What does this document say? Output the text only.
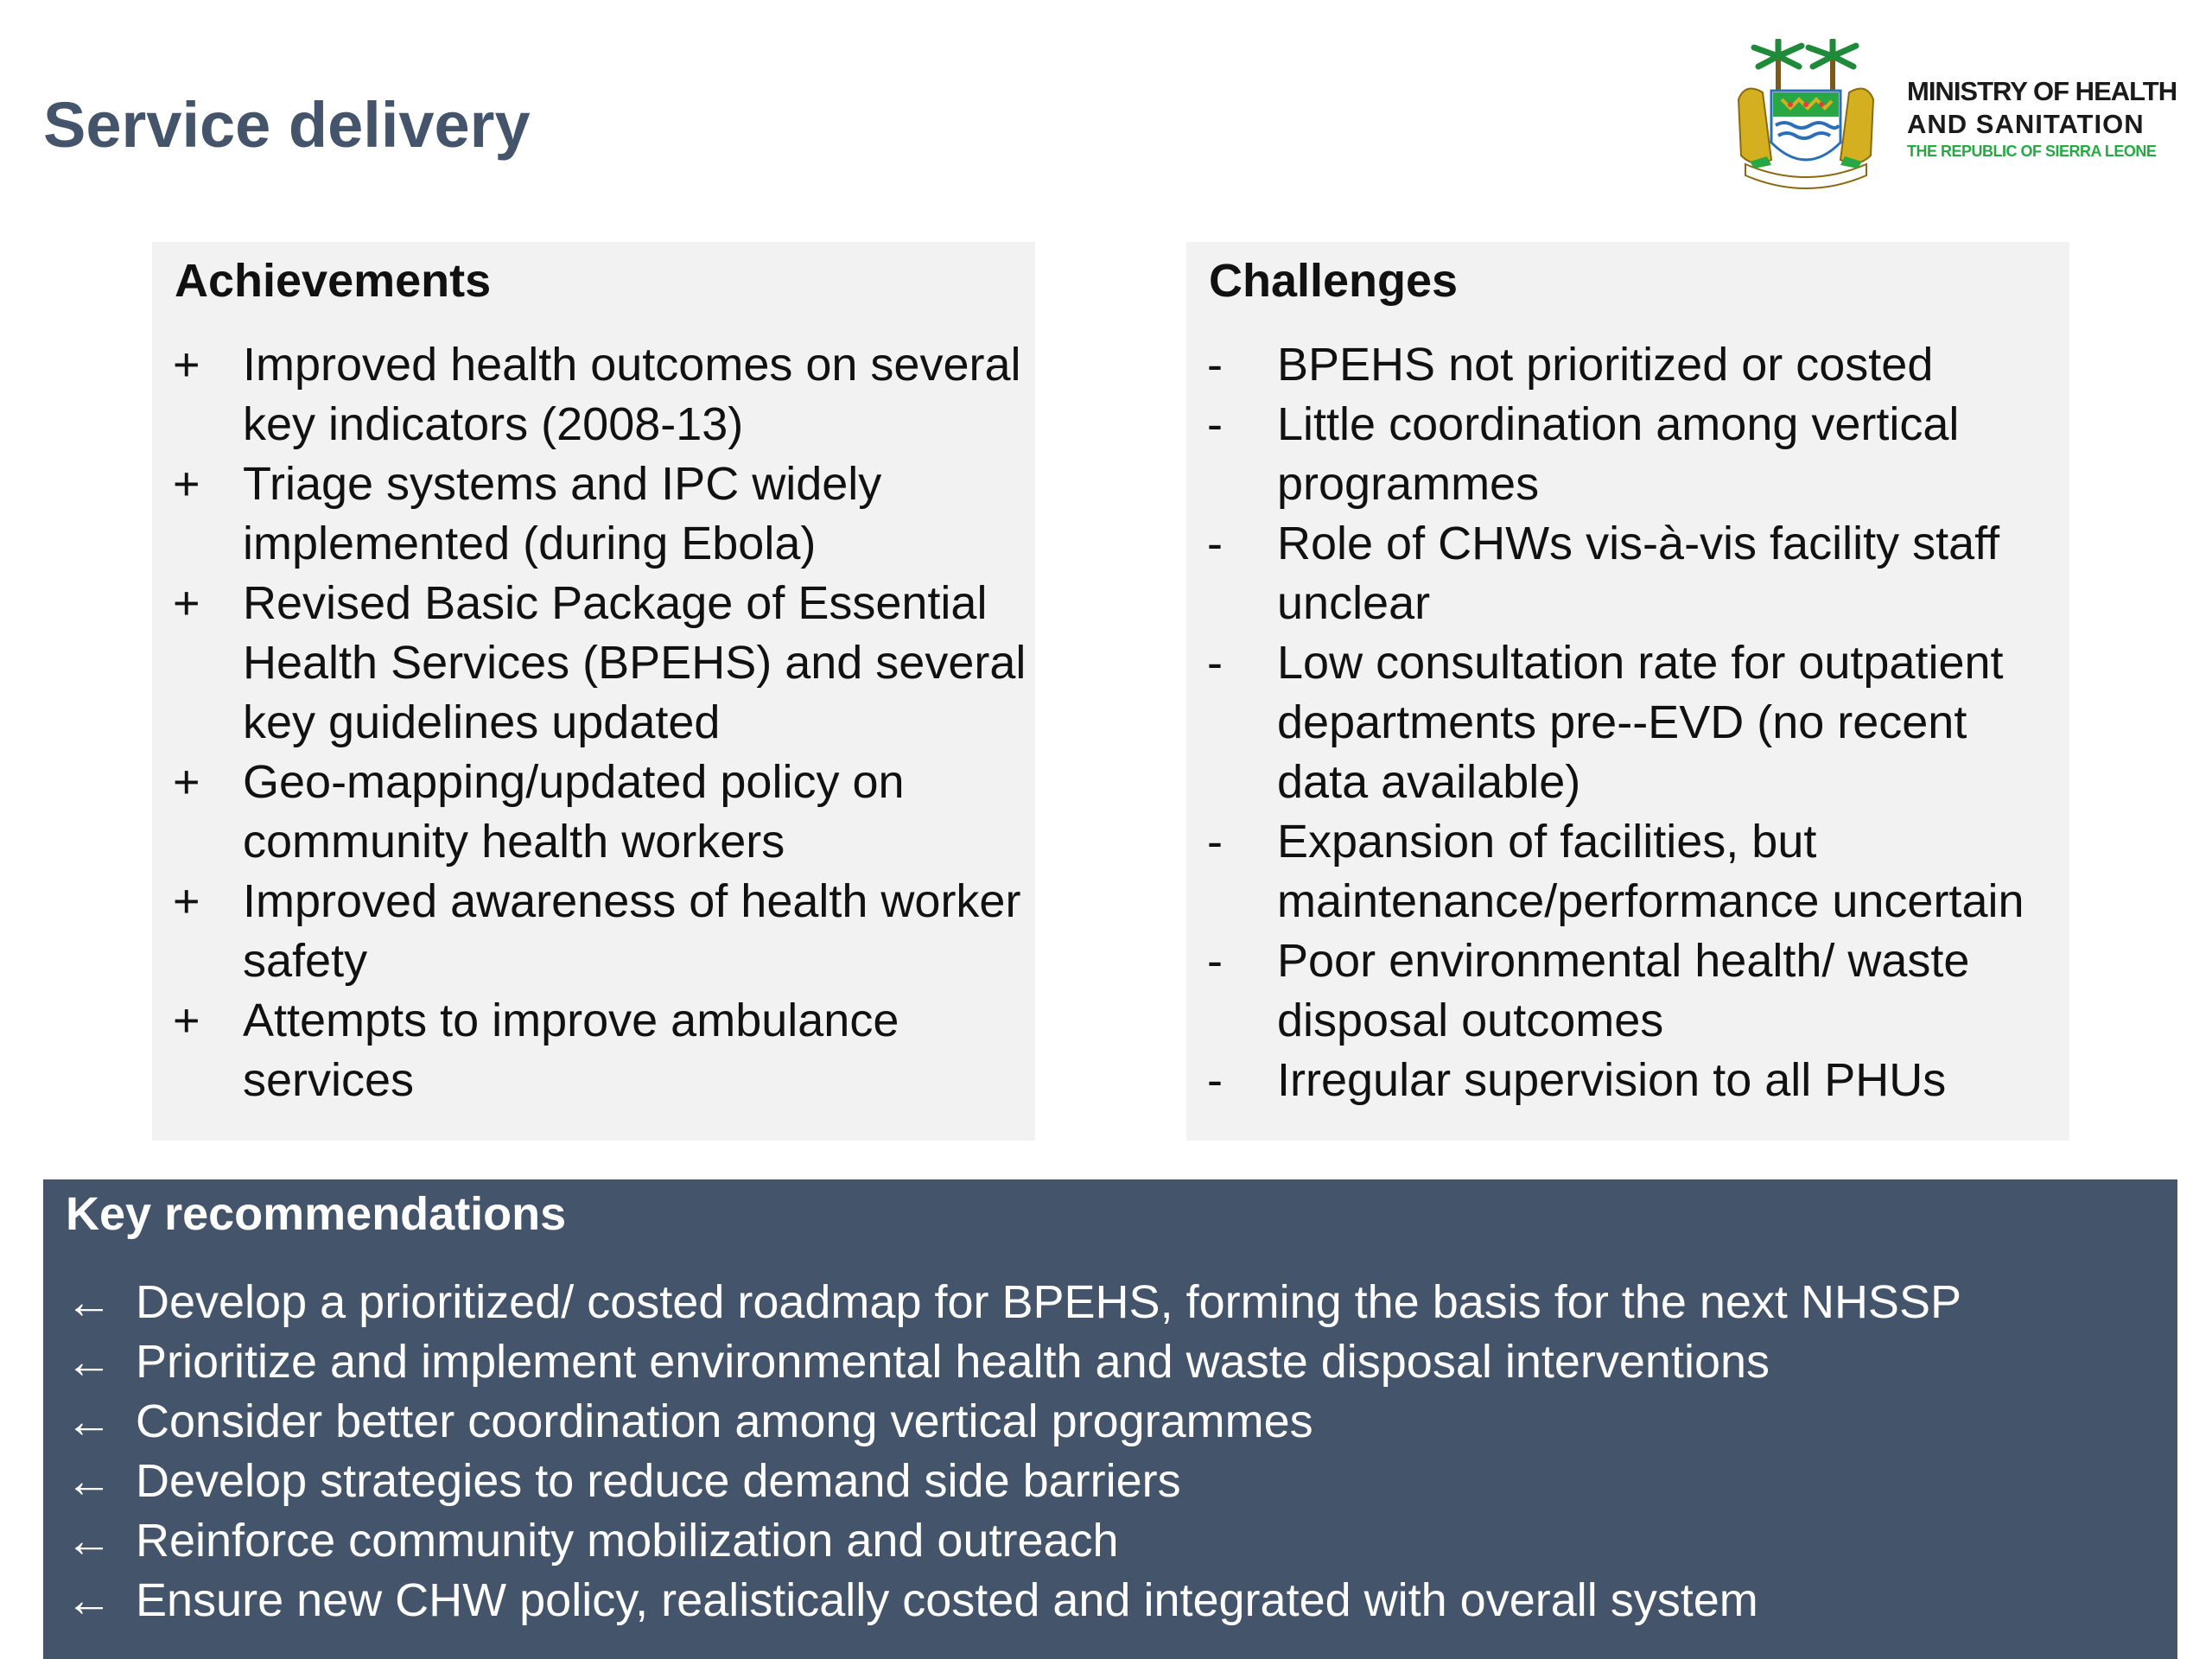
Service delivery	MINISTRY OF HEALTH
AND SANITATION
THE REPUBLIC OF SIERRA LEONE
Achievements
+ Improved health outcomes on several key indicators (2008-13)
+ Triage systems and IPC widely implemented (during Ebola)
+ Revised Basic Package of Essential Health Services (BPEHS) and several key guidelines updated
+ Geo-mapping/updated policy on community health workers
+ Improved awareness of health worker safety
+ Attempts to improve ambulance services
Challenges
-	BPEHS not prioritized or costed
-	Little coordination among vertical
programmes
-	Role of CHWs vis-à-vis facility staff
unclear
-	Low consultation rate for outpatient
departments pre--EVD (no recent
data available)
-	Expansion of facilities, but
maintenance/performance uncertain
-	Poor environmental health/ waste
disposal outcomes
-	Irregular supervision to all PHUs
Key recommendations
← Develop a prioritized/ costed roadmap for BPEHS, forming the basis for the next NHSSP
← Prioritize and implement environmental health and waste disposal interventions
← Consider better coordination among vertical programmes
← Develop strategies to reduce demand side barriers
← Reinforce community mobilization and outreach
← Ensure new CHW policy, realistically costed and integrated with overall system
